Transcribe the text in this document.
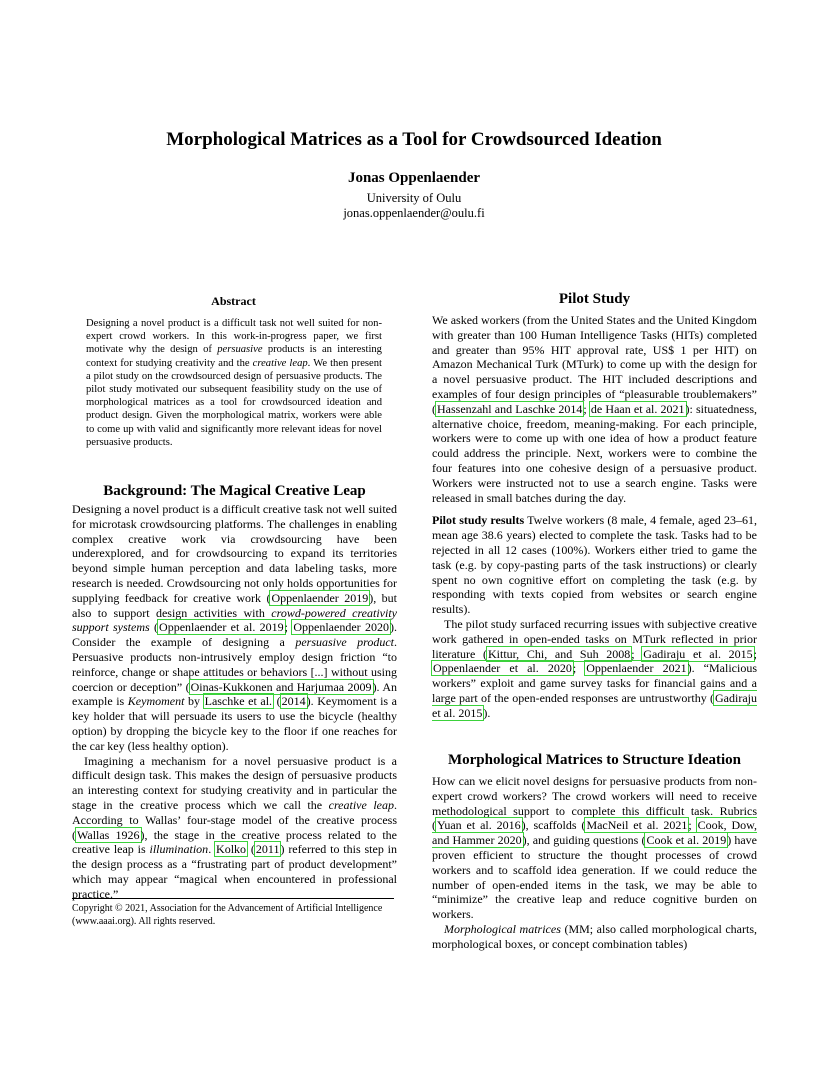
Morphological Matrices as a Tool for Crowdsourced Ideation
Jonas Oppenlaender
University of Oulu
jonas.oppenlaender@oulu.fi
Abstract
Designing a novel product is a difficult task not well suited for non-expert crowd workers. In this work-in-progress paper, we first motivate why the design of persuasive products is an interesting context for studying creativity and the creative leap. We then present a pilot study on the crowdsourced design of persuasive products. The pilot study motivated our subsequent feasibility study on the use of morphological matrices as a tool for crowdsourced ideation and product design. Given the morphological matrix, workers were able to come up with valid and significantly more relevant ideas for novel persuasive products.
Background: The Magical Creative Leap

Designing a novel product is a difficult creative task not well suited for microtask crowdsourcing platforms. The challenges in enabling complex creative work via crowdsourcing have been underexplored, and for crowdsourcing to expand its territories beyond simple human perception and data labeling tasks, more research is needed. Crowdsourcing not only holds opportunities for supplying feedback for creative work (Oppenlaender 2019), but also to support design activities with crowd-powered creativity support systems (Oppenlaender et al. 2019; Oppenlaender 2020). Consider the example of designing a persuasive product. Persuasive products non-intrusively employ design friction “to reinforce, change or shape attitudes or behaviors [...] without using coercion or deception” (Oinas-Kukkonen and Harjumaa 2009). An example is Keymoment by Laschke et al. (2014). Keymoment is a key holder that will persuade its users to use the bicycle (healthy option) by dropping the bicycle key to the floor if one reaches for the car key (less healthy option).

Imagining a mechanism for a novel persuasive product is a difficult design task. This makes the design of persuasive products an interesting context for studying creativity and in particular the stage in the creative process which we call the creative leap. According to Wallas’ four-stage model of the creative process (Wallas 1926), the stage in the creative process related to the creative leap is illumination. Kolko (2011) referred to this step in the design process as a “frustrating part of product development” which may appear “magical when encountered in professional practice.”

Copyright © 2021, Association for the Advancement of Artificial Intelligence (www.aaai.org). All rights reserved.
Pilot Study

We asked workers (from the United States and the United Kingdom with greater than 100 Human Intelligence Tasks (HITs) completed and greater than 95% HIT approval rate, US$ 1 per HIT) on Amazon Mechanical Turk (MTurk) to come up with the design for a novel persuasive product. The HIT included descriptions and examples of four design principles of “pleasurable troublemakers” (Hassenzahl and Laschke 2014; de Haan et al. 2021): situatedness, alternative choice, freedom, meaning-making. For each principle, workers were to come up with one idea of how a product feature could address the principle. Next, workers were to combine the four features into one cohesive design of a persuasive product. Workers were instructed not to use a search engine. Tasks were released in small batches during the day.

Pilot study results Twelve workers (8 male, 4 female, aged 23–61, mean age 38.6 years) elected to complete the task. Tasks had to be rejected in all 12 cases (100%). Workers either tried to game the task (e.g. by copy-pasting parts of the task instructions) or clearly spent no own cognitive effort on completing the task (e.g. by responding with texts copied from websites or search engine results).

The pilot study surfaced recurring issues with subjective creative work gathered in open-ended tasks on MTurk reflected in prior literature (Kittur, Chi, and Suh 2008; Gadiraju et al. 2015; Oppenlaender et al. 2020; Oppenlaender 2021). “Malicious workers” exploit and game survey tasks for financial gains and a large part of the open-ended responses are untrustworthy (Gadiraju et al. 2015).

Morphological Matrices to Structure Ideation

How can we elicit novel designs for persuasive products from non-expert crowd workers? The crowd workers will need to receive methodological support to complete this difficult task. Rubrics (Yuan et al. 2016), scaffolds (MacNeil et al. 2021; Cook, Dow, and Hammer 2020), and guiding questions (Cook et al. 2019) have proven efficient to structure the thought processes of crowd workers and to scaffold idea generation. If we could reduce the number of open-ended items in the task, we may be able to “minimize” the creative leap and reduce cognitive burden on workers.

Morphological matrices (MM; also called morphological charts, morphological boxes, or concept combination tables)
